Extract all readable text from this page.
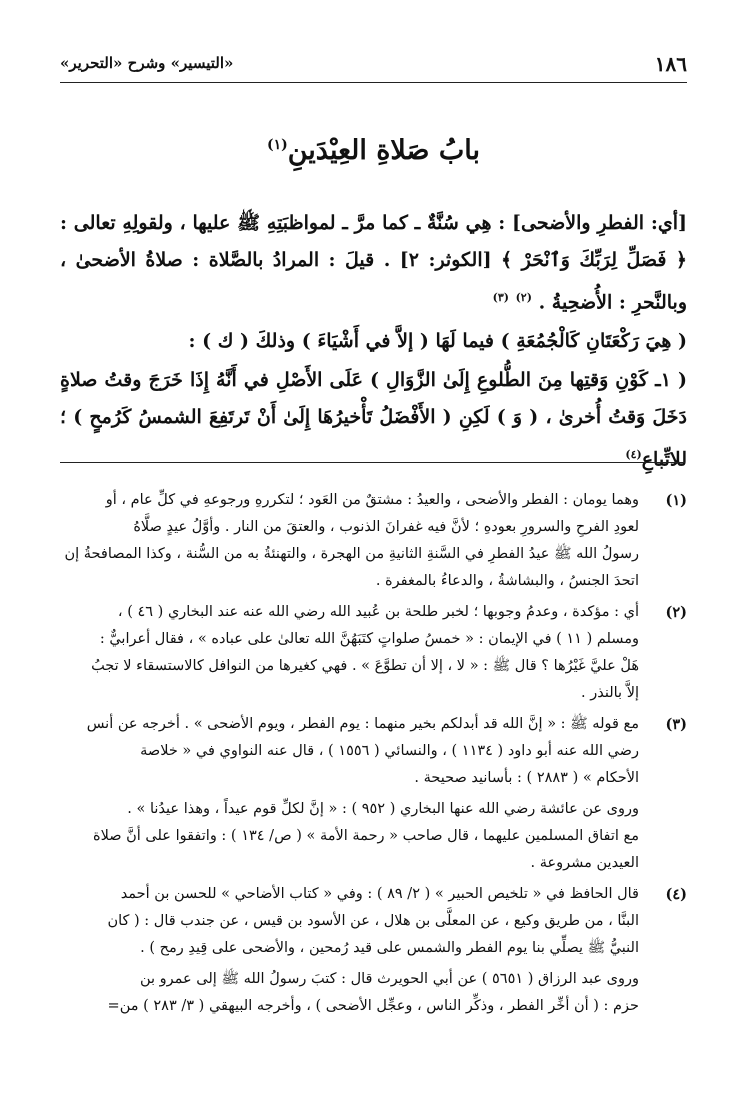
١٨٦
«التيسير» وشرح «التحرير»
بابُ صَلاةِ العِيْدَينِ$^{(١)}$

[أي: الفطرِ والأضحى] : هِي سُنَّةٌ ـ كما مرَّ ـ لمواظبَتِهِ ﷺ عليها ، ولقولِهِ تعالى : ﴿ فَصَلِّ لِرَبِّكَ وَٱنْحَرْ ﴾ [الكوثر: ٢] . قيلَ : المرادُ بالصَّلاة : صلاةُ الأضحىٰ ، وبالنَّحرِ : الأُضحِيةُ . $^{(٢)}$ $^{(٣)}$

( هِيَ رَكْعَتَانِ كَالْجُمُعَةِ ) فيما لَهَا ( إلاَّ في أَشْيَاءَ ) وذلكَ ( ك ) :

( ١ـ كَوْنِ وَقتِها مِنَ الطُّلوعِ إِلَىٰ الزَّوَالِ ) عَلَى الأَصْلِ في أَنَّهُ إِذَا خَرَجَ وقتُ صلاةٍ دَخَلَ وَقتُ أُخرىٰ ، ( وَ ) لَكِنِ ( الأَفْضَلُ تَأْخيرُهَا إِلَىٰ أَنْ تَرتَفِعَ الشمسُ كَرُمحٍ ) ؛ للاتِّباعِ$^{(٤)}$

(١)
وهما يومان : الفطر والأضحى ، والعيدُ : مشتقٌ من العَود ؛ لتكررهِ ورجوعهِ في كلِّ عام ، أو
لعودِ الفرحِ والسرورِ بعودهِ ؛ لأنَّ فيه غفرانَ الذنوب ، والعتقَ من النار . وأوَّلُ عيدٍ صلَّاهُ
رسولُ الله ﷺ عيدُ الفطرِ في السَّنةِ الثانيةِ من الهجرة ، والتهنئةُ به من السُّنة ، وكذا المصافحةُ إن
اتحدَ الجنسُ ، والبشاشةُ ، والدعاءُ بالمغفرة .
(٢)
أي : مؤكدة ، وعدمُ وجوبها ؛ لخبر طلحة بن عُبيد الله رضي الله عنه عند البخاري ( ٤٦ ) ،
ومسلم ( ١١ ) في الإيمان : « خمسُ صلواتٍ كتَبَهُنَّ الله تعالىٰ على عباده » ، فقال أعرابيٌّ :
هَلْ عليَّ غَيْرُها ؟ قال ﷺ : « لا ، إلا أن تطوَّعَ » . فهي كغيرها من النوافل كالاستسقاء لا تجبُ
إلاَّ بالنذر .
(٣)
مع قوله ﷺ : « إنَّ الله قد أبدلكم بخير منهما : يوم الفطر ، ويوم الأضحى » . أخرجه عن أنس
رضي الله عنه أبو داود ( ١١٣٤ ) ، والنسائي ( ١٥٥٦ ) ، قال عنه النواوي في « خلاصة
الأحكام » ( ٢٨٨٣ ) : بأسانيد صحيحة .
وروى عن عائشة رضي الله عنها البخاري ( ٩٥٢ ) : « إنَّ لكلِّ قوم عيداً ، وهذا عيدُنا » .
مع اتفاق المسلمين عليهما ، قال صاحب « رحمة الأمة » ( ص/ ١٣٤ ) : واتفقوا على أنَّ صلاة
العيدين مشروعة .
(٤)
قال الحافظ في « تلخيص الحبير » ( ٢/ ٨٩ ) : وفي « كتاب الأضاحي » للحسن بن أحمد
البنَّا ، من طريق وكيع ، عن المعلَّى بن هلال ، عن الأسود بن قيس ، عن جندب قال : ( كان
النبيُّ ﷺ يصلِّي بنا يوم الفطر والشمس على قيد رُمحين ، والأضحى على قِيدِ رمح ) .
وروى عبد الرزاق ( ٥٦٥١ ) عن أبي الحويرث قال : كتبَ رسولُ الله ﷺ إلى عمرو بن
حزم : ( أن أخِّر الفطر ، وذكِّر الناس ، وعجِّل الأضحى ) ، وأخرجه البيهقي ( ٣/ ٢٨٣ ) من=
